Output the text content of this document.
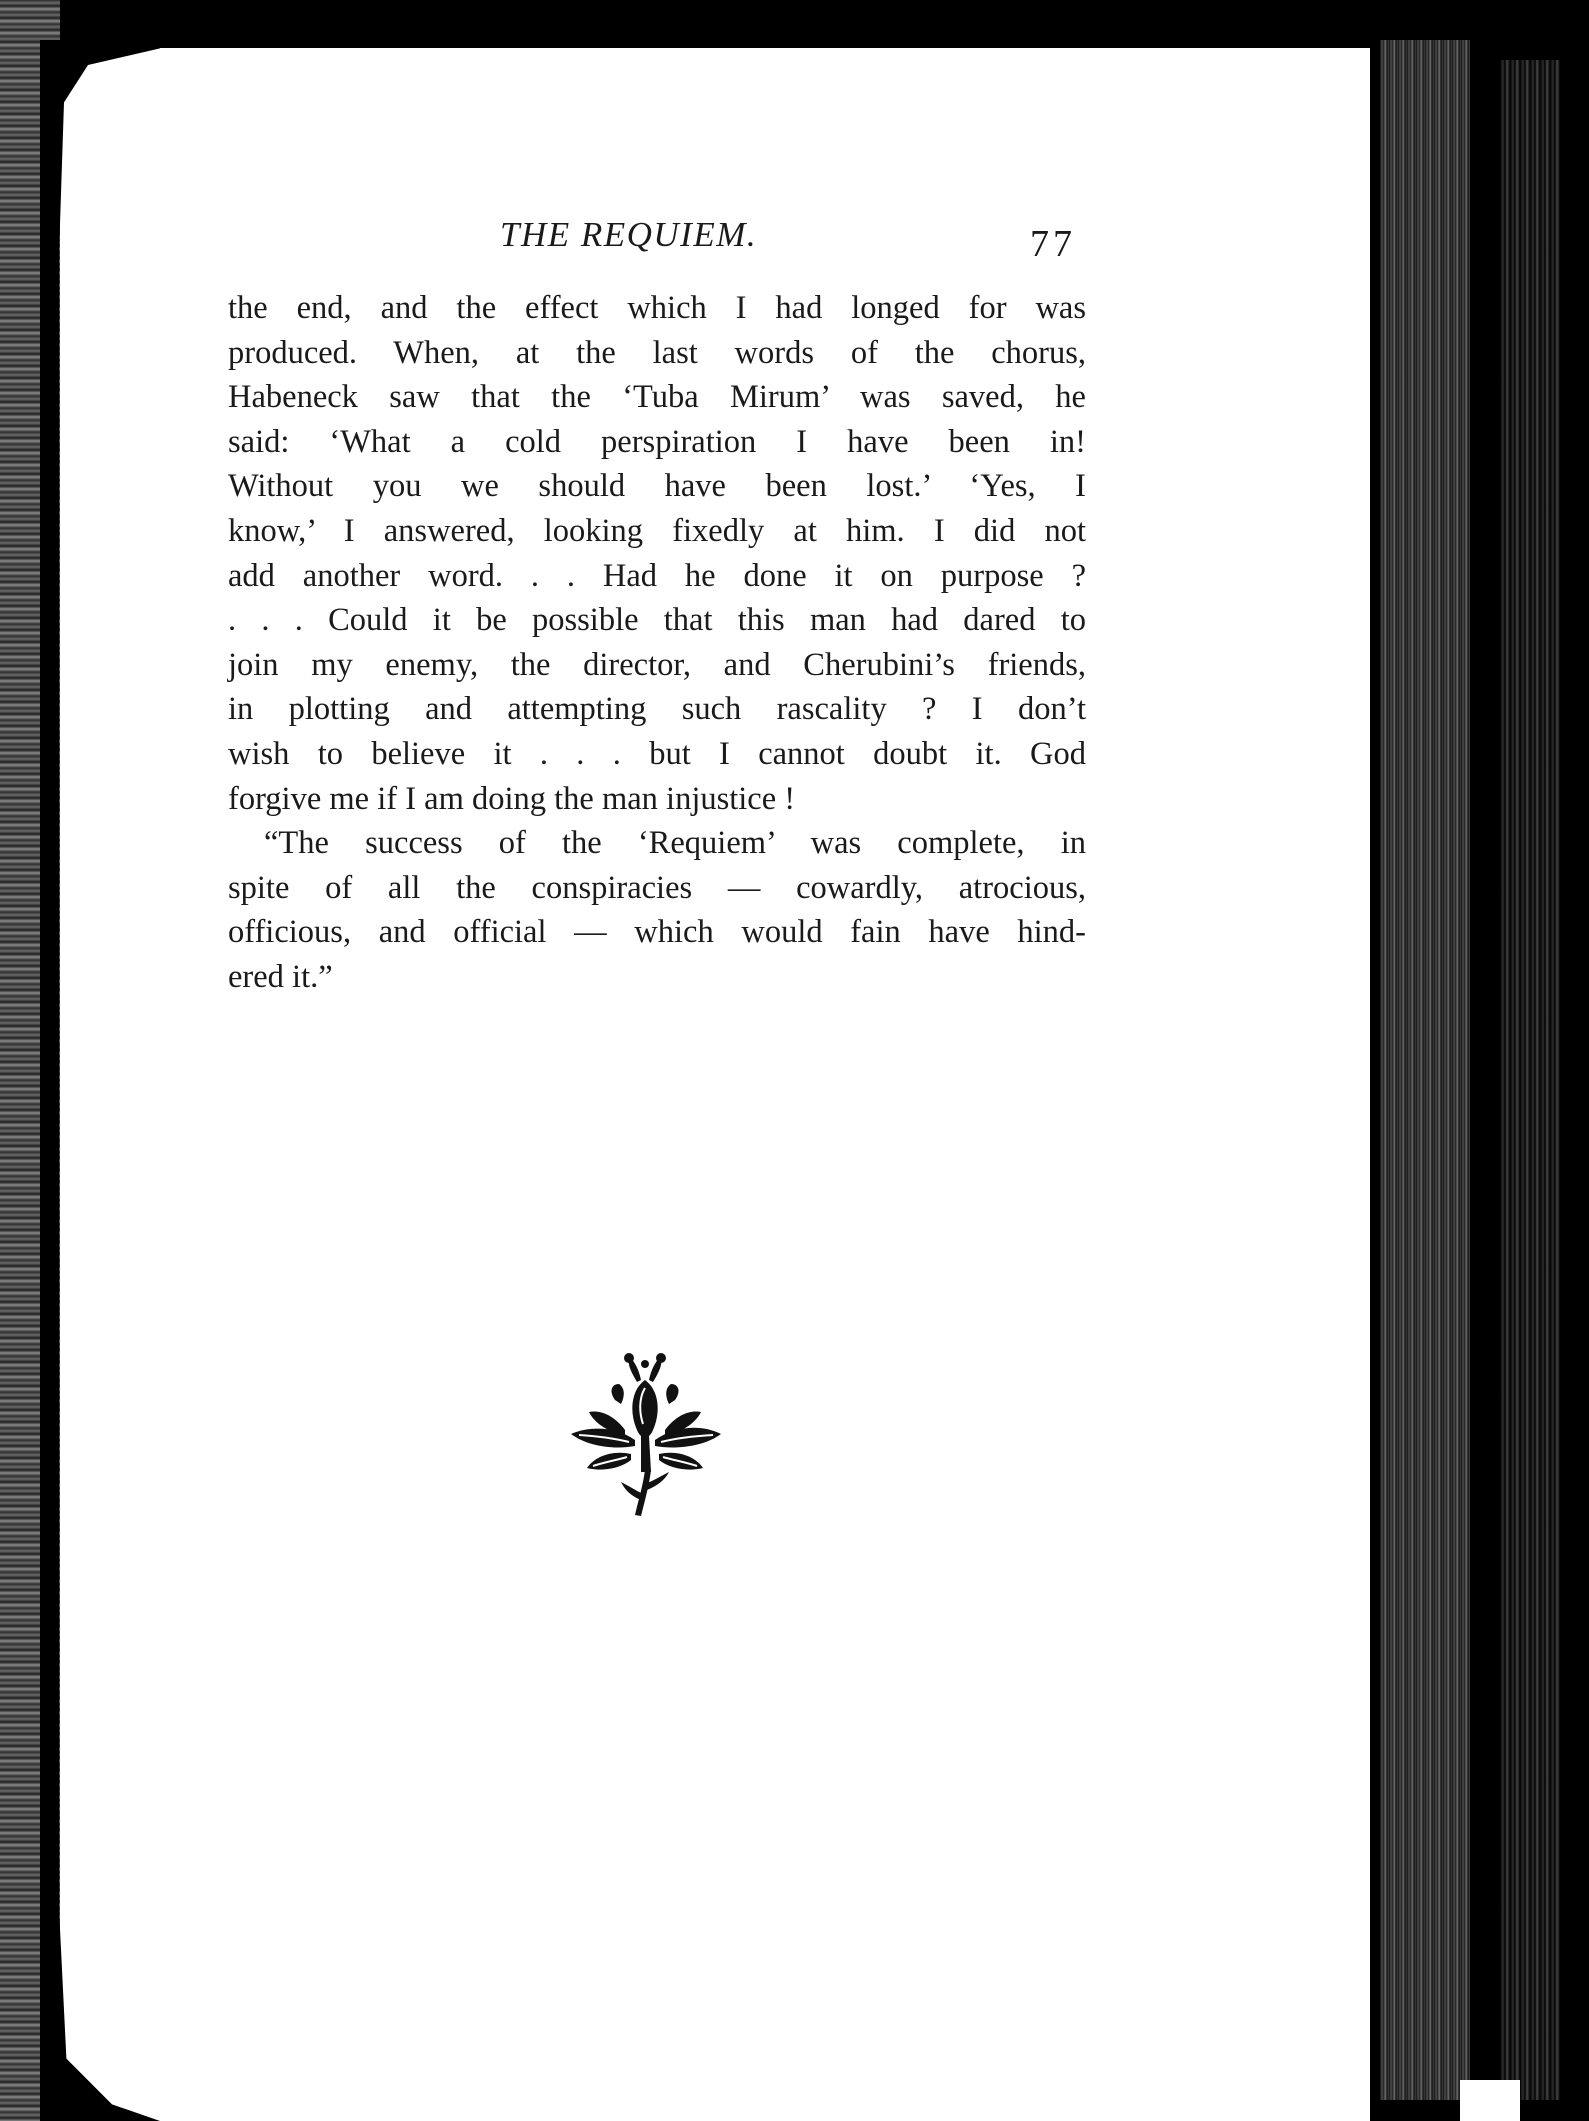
THE REQUIEM.	77
the end, and the effect which I had longed for was
produced. When, at the last words of the chorus,
Habeneck saw that the ‘Tuba Mirum’ was saved, he
said: ‘What a cold perspiration I have been in!
Without you we should have been lost.’ ‘Yes, I
know,’ I answered, looking fixedly at him. I did not
add another word. . . Had he done it on purpose ?
. . . Could it be possible that this man had dared to
join my enemy, the director, and Cherubini’s friends,
in plotting and attempting such rascality ? I don’t
wish to believe it . . . but I cannot doubt it. God
forgive me if I am doing the man injustice !
“The success of the ‘Requiem’ was complete, in
spite of all the conspiracies — cowardly, atrocious,
officious, and official — which would fain have hind-
ered it.”
